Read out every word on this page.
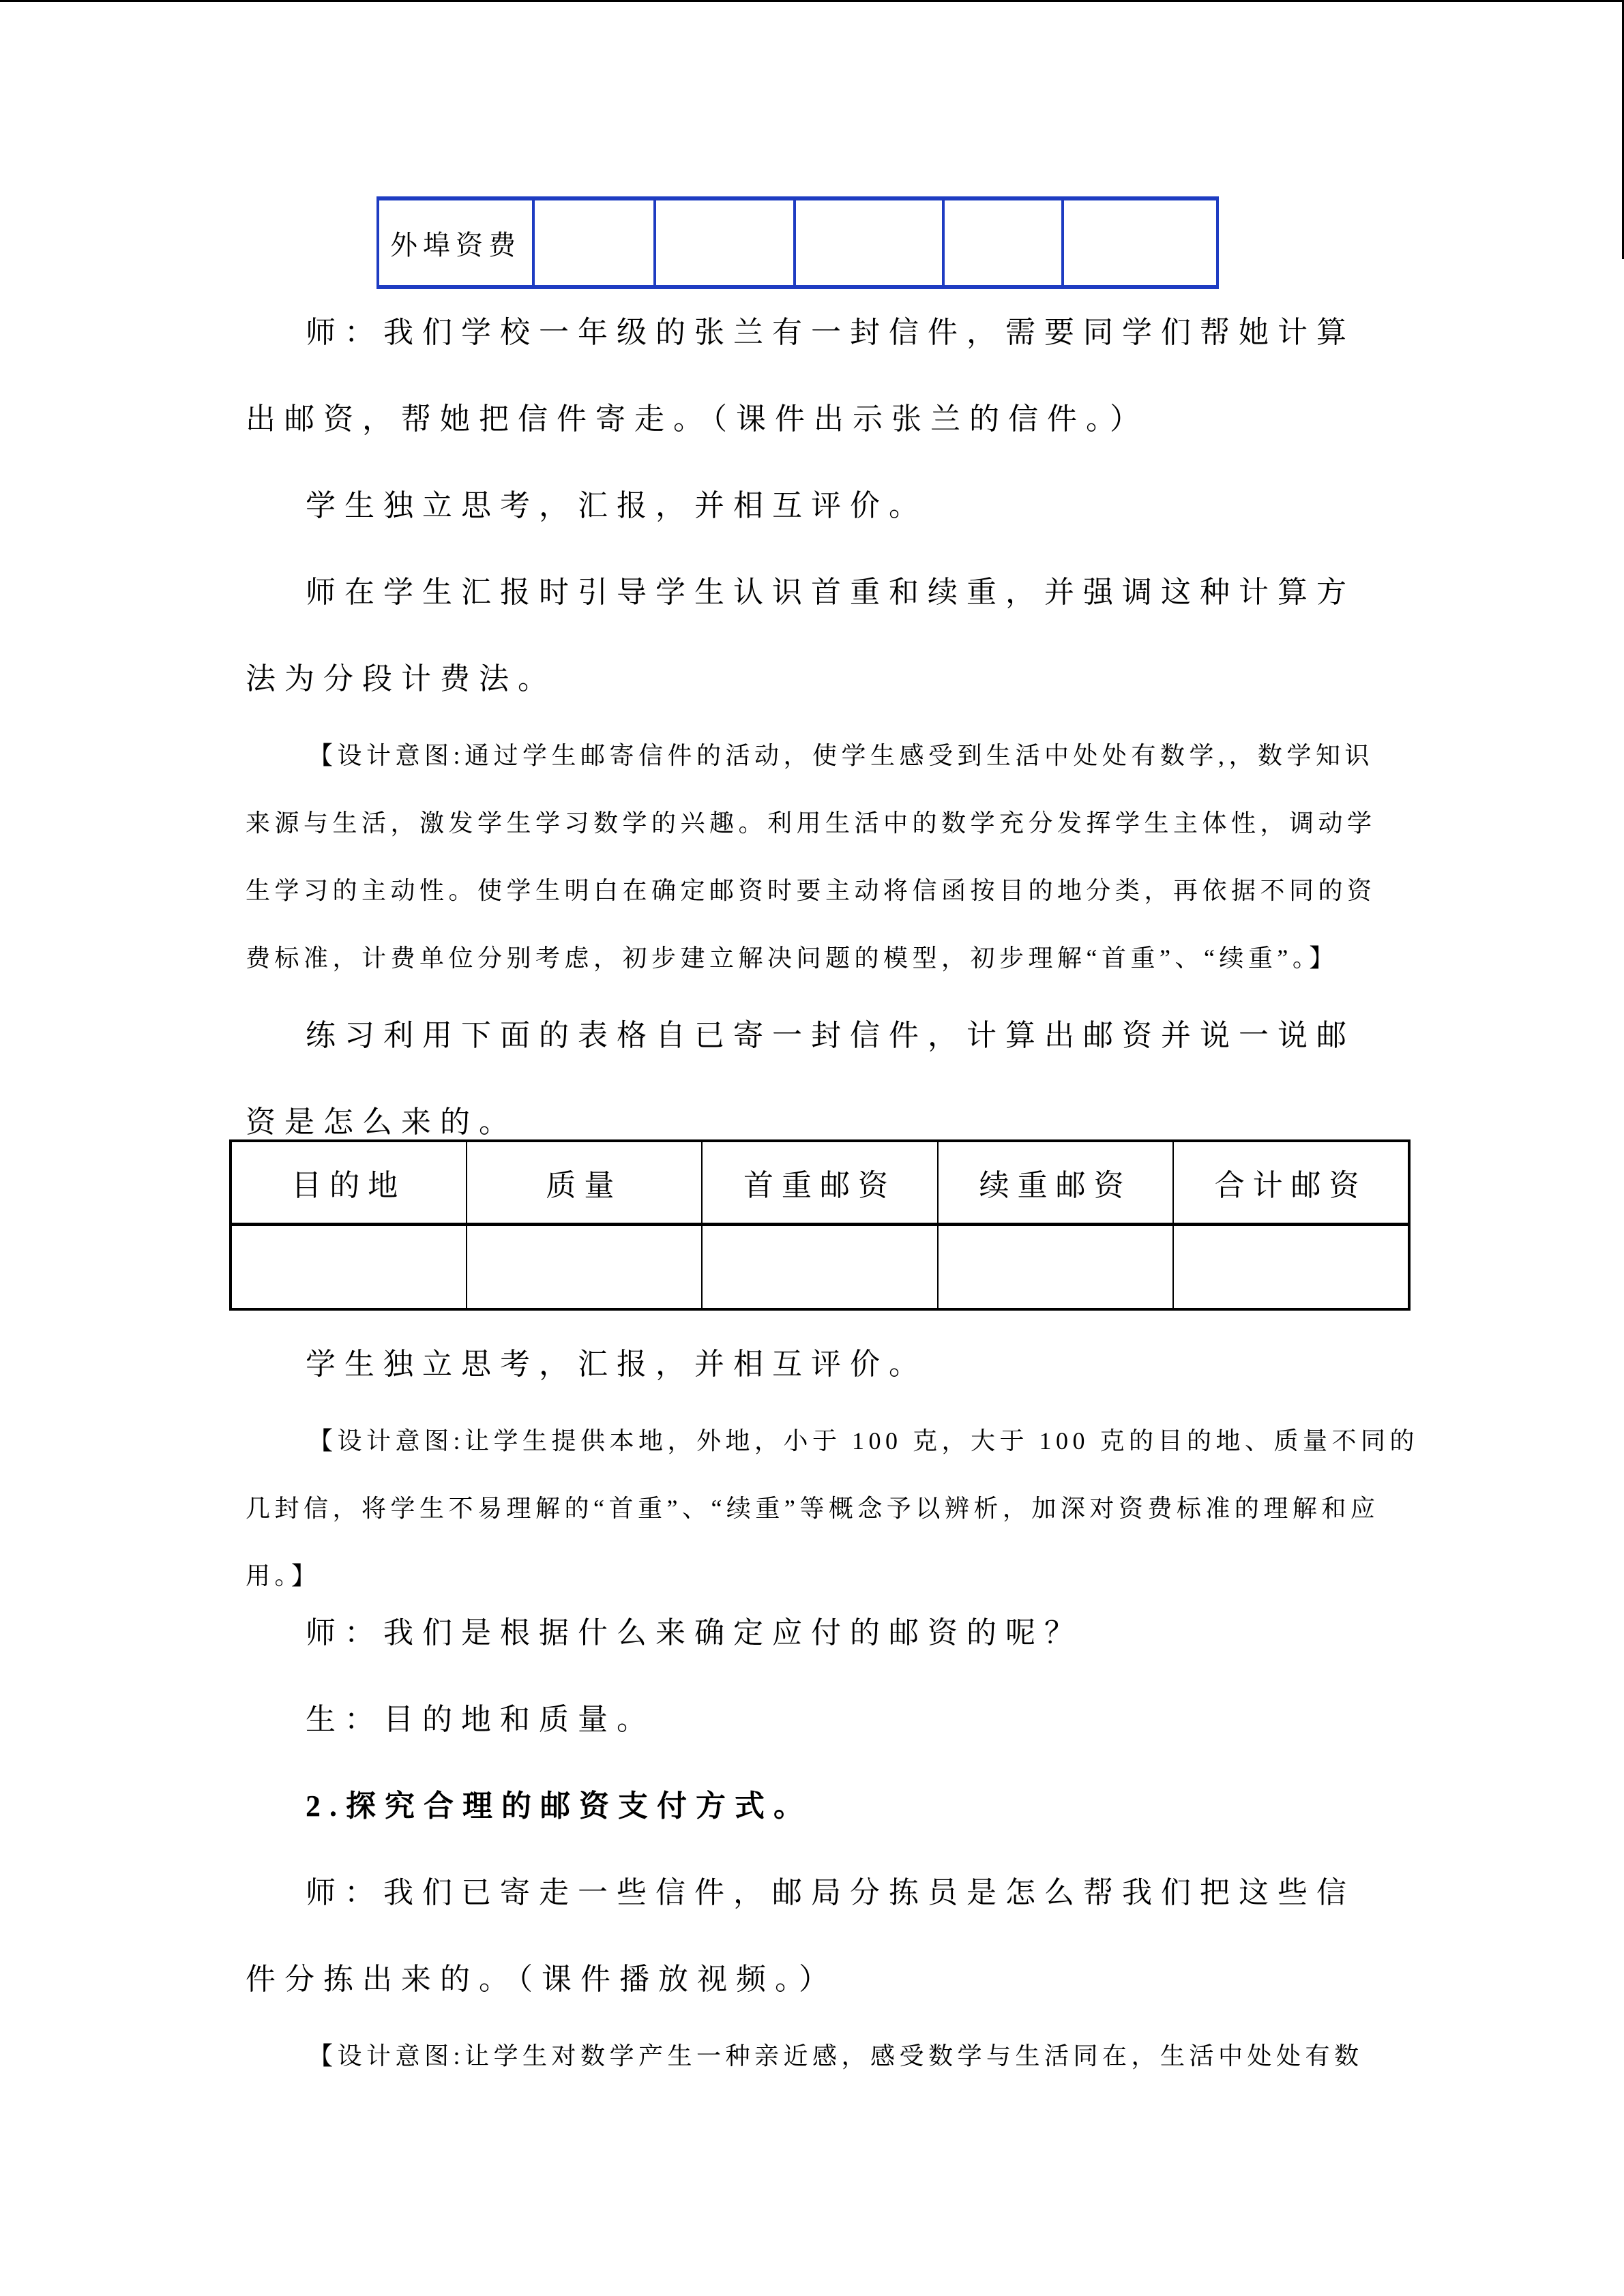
外埠资费					
师：我们学校一年级的张兰有一封信件，需要同学们帮她计算
出邮资，帮她把信件寄走。（课件出示张兰的信件。）
学生独立思考，汇报，并相互评价。
师在学生汇报时引导学生认识首重和续重，并强调这种计算方
法为分段计费法。
【设计意图:通过学生邮寄信件的活动，使学生感受到生活中处处有数学,，数学知识
来源与生活，激发学生学习数学的兴趣。利用生活中的数学充分发挥学生主体性，调动学
生学习的主动性。使学生明白在确定邮资时要主动将信函按目的地分类，再依据不同的资
费标准，计费单位分别考虑，初步建立解决问题的模型，初步理解“首重”、“续重”。】
练习利用下面的表格自已寄一封信件，计算出邮资并说一说邮
资是怎么来的。
目的地	质量	首重邮资	续重邮资	合计邮资

学生独立思考，汇报，并相互评价。
【设计意图:让学生提供本地，外地，小于 100 克，大于 100 克的目的地、质量不同的
几封信，将学生不易理解的“首重”、“续重”等概念予以辨析，加深对资费标准的理解和应
用。】
师：我们是根据什么来确定应付的邮资的呢？
生：目的地和质量。
2.探究合理的邮资支付方式。
师：我们已寄走一些信件，邮局分拣员是怎么帮我们把这些信
件分拣出来的。（课件播放视频。）
【设计意图:让学生对数学产生一种亲近感，感受数学与生活同在，生活中处处有数
